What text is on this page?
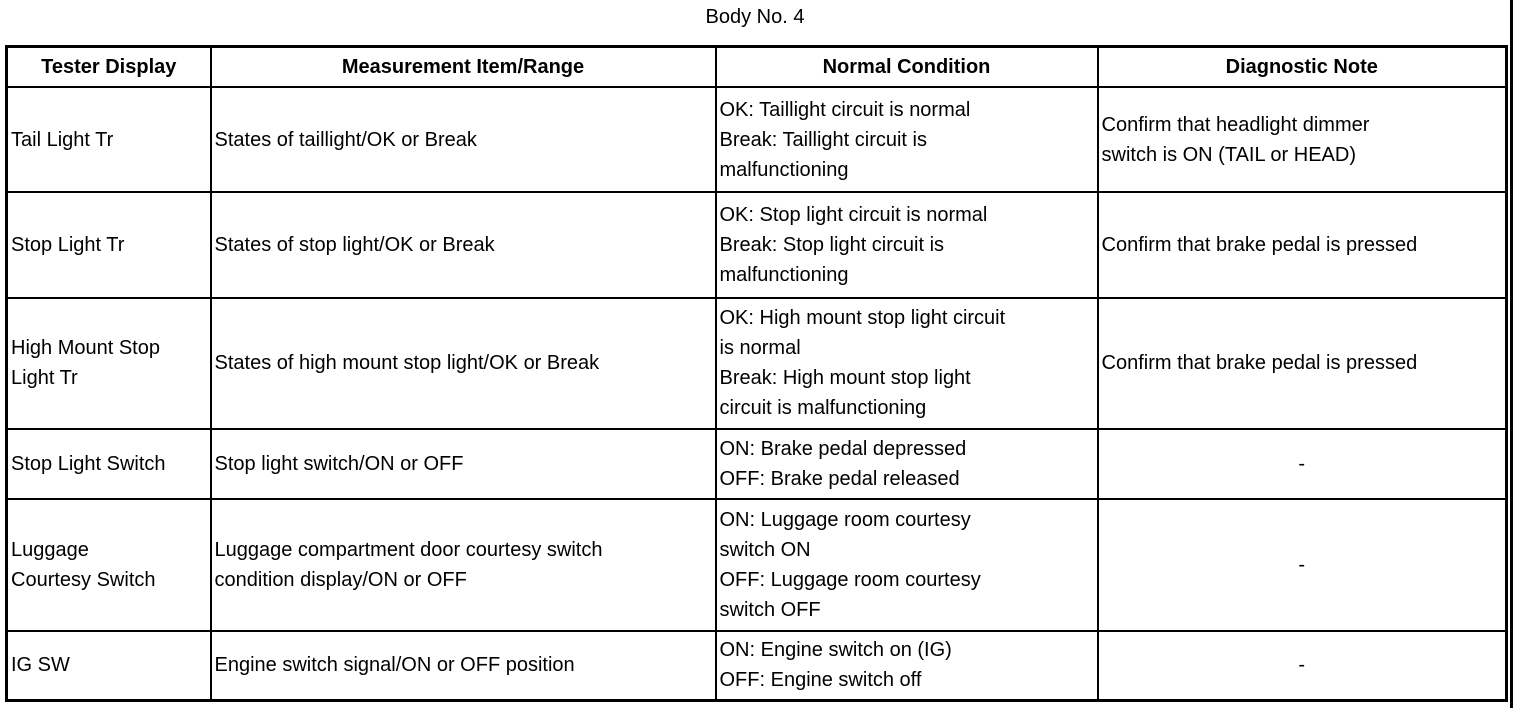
Body No. 4
Tester Display	Measurement Item/Range	Normal Condition	Diagnostic Note

Tail Light Tr	States of taillight/OK or Break	OK: Taillight circuit is normal
Break: Taillight circuit is
malfunctioning	Confirm that headlight dimmer
switch is ON (TAIL or HEAD)

Stop Light Tr	States of stop light/OK or Break	OK: Stop light circuit is normal
Break: Stop light circuit is
malfunctioning	Confirm that brake pedal is pressed

High Mount Stop
Light Tr	States of high mount stop light/OK or Break	OK: High mount stop light circuit
is normal
Break: High mount stop light
circuit is malfunctioning	Confirm that brake pedal is pressed

Stop Light Switch	Stop light switch/ON or OFF	ON: Brake pedal depressed
OFF: Brake pedal released	-

Luggage
Courtesy Switch	Luggage compartment door courtesy switch
condition display/ON or OFF	ON: Luggage room courtesy
switch ON
OFF: Luggage room courtesy
switch OFF	-

IG SW	Engine switch signal/ON or OFF position	ON: Engine switch on (IG)
OFF: Engine switch off	-
